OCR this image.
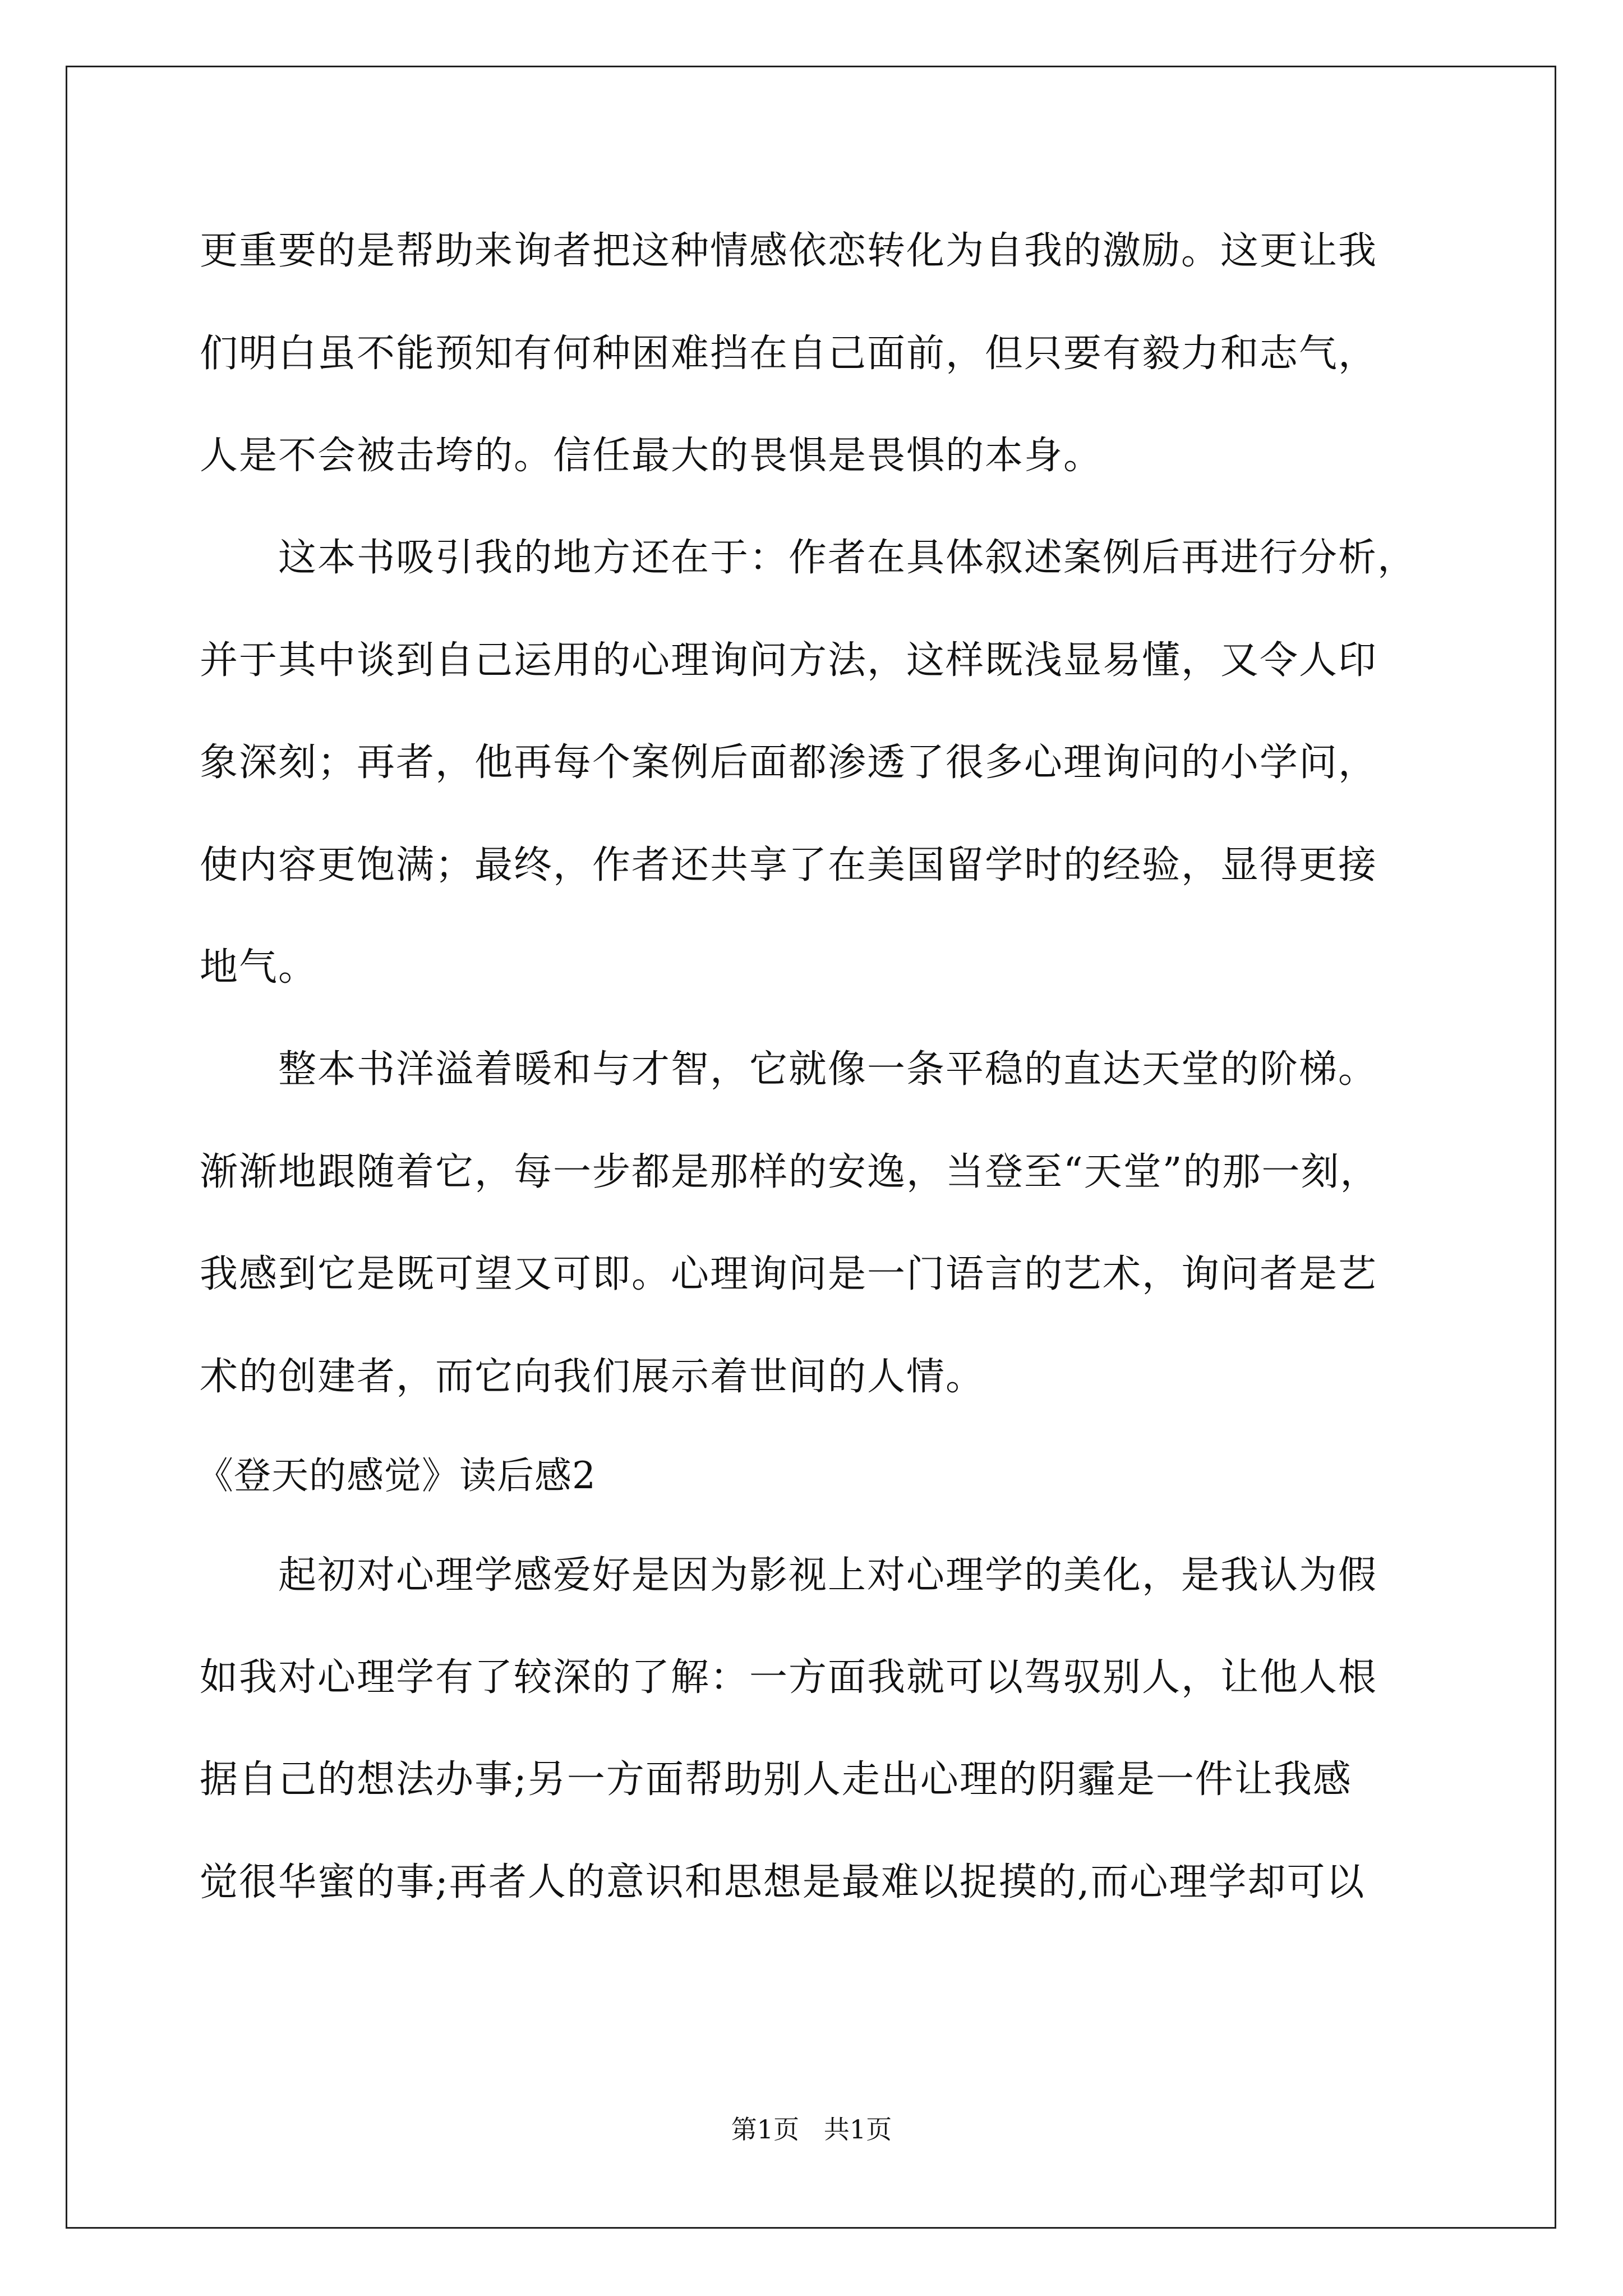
更重要的是帮助来询者把这种情感依恋转化为自我的激励。这更让我
们明白虽不能预知有何种困难挡在自己面前，但只要有毅力和志气，
人是不会被击垮的。信任最大的畏惧是畏惧的本身。
这本书吸引我的地方还在于：作者在具体叙述案例后再进行分析，
并于其中谈到自己运用的心理询问方法，这样既浅显易懂，又令人印
象深刻；再者，他再每个案例后面都渗透了很多心理询问的小学问，
使内容更饱满；最终，作者还共享了在美国留学时的经验，显得更接
地气。
整本书洋溢着暖和与才智，它就像一条平稳的直达天堂的阶梯。
渐渐地跟随着它，每一步都是那样的安逸，当登至“天堂”的那一刻，
我感到它是既可望又可即。心理询问是一门语言的艺术，询问者是艺
术的创建者，而它向我们展示着世间的人情。
《登天的感觉》读后感2
起初对心理学感爱好是因为影视上对心理学的美化，是我认为假
如我对心理学有了较深的了解：一方面我就可以驾驭别人，让他人根
据自己的想法办事;另一方面帮助别人走出心理的阴霾是一件让我感
觉很华蜜的事;再者人的意识和思想是最难以捉摸的,而心理学却可以
第1页   共1页
